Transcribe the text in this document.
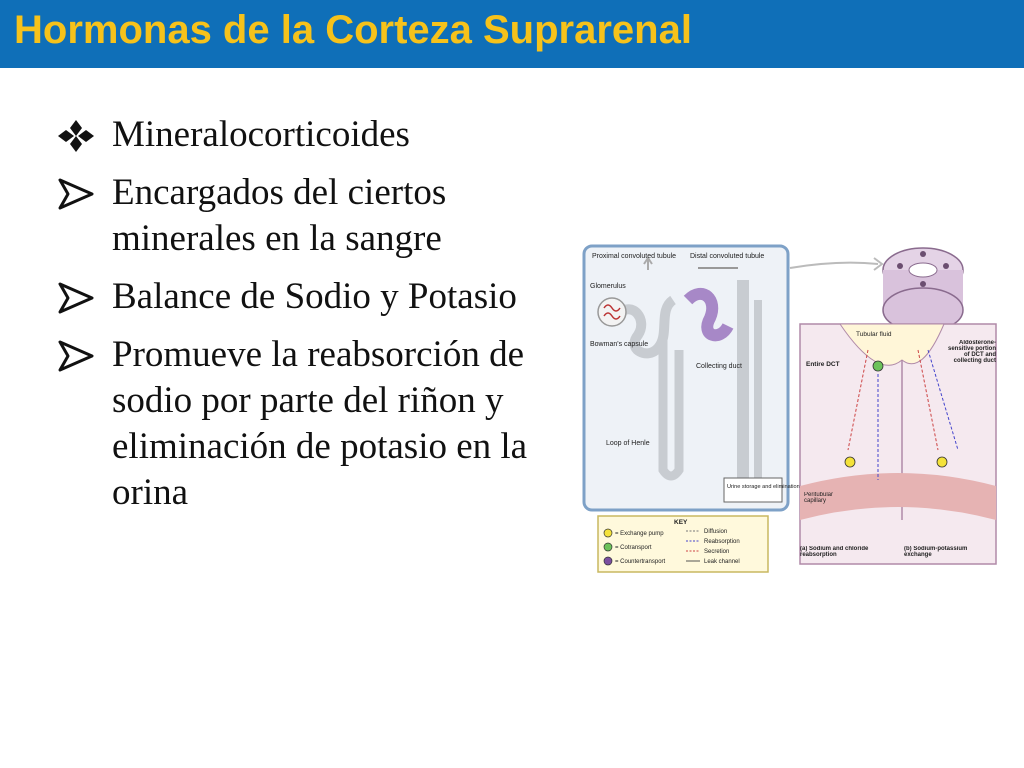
Hormonas de la Corteza Suprarenal
Mineralocorticoides
Encargados del ciertos minerales en la sangre
Balance de Sodio y Potasio
Promueve la reabsorción de sodio por parte del riñon y eliminación de potasio en la orina
Proximal convoluted tubule Distal convoluted tubule
Glomerulus
Bowman's capsule
Collecting duct
Loop of Henle
Urine storage and elimination
Tubular fluid
Entire DCT
Aldosterone-sensitive portion of DCT and collecting duct
Peritubular capillary
(a) Sodium and chloride reabsorption
(b) Sodium-potassium exchange
KEY
= Exchange pump
= Cotransport
= Countertransport
Diffusion
Reabsorption
Secretion
Leak channel
